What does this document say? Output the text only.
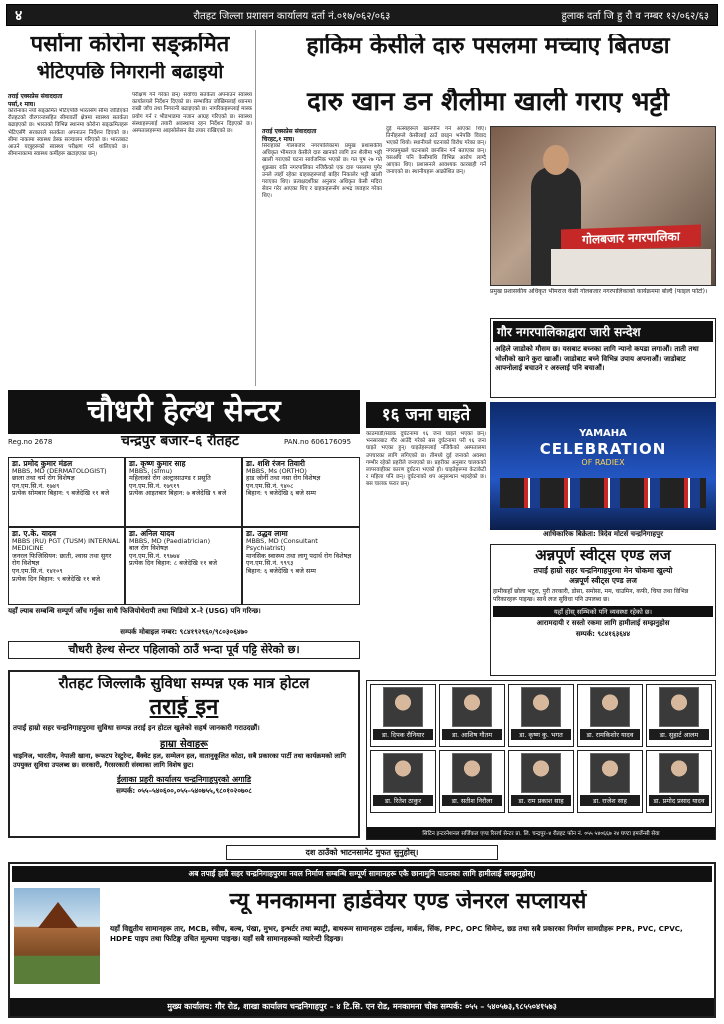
४	रौतहट जिल्ला प्रशासन कार्यालय दर्ता नं.०१७/०६२/०६३	हुलाक दर्ता जि हु रौ व नम्बर १२/०६२/६३
पर्साना कोरोना सङ्क्रमित
भेटिएपछि निगरानी बढाइयो
तराई एक्सप्रेस संवाददाता
पर्सा,१ माघ।
कोरोनाका नयाँ सङ्क्रमित भेटिएपछि भारतसँग सीमा जोडिएको रौतहटको वीरगञ्जसहित सीमावर्ती क्षेत्रमा स्वास्थ्य सतर्कता बढाइएको छ। भारतको विभिन्न स्थानमा कोरोना सङ्क्रमितहरू भेटिएसँगै सरकारले सतर्कता अपनाउन निर्देशन दिएको छ। सीमा नाकामा स्वास्थ्य डेस्क सञ्चालन गरिएको छ। भारतबाट आउने यात्रुहरूको स्वास्थ्य परीक्षण गर्न थालिएको छ। सीमानाकामा स्वास्थ्य कर्मीहरू खटाइएका छन्।
परीक्षण गर्ने गरेका छन्। सर्वोच्च सतर्कता अपनाउन स्वास्थ्य कार्यालयले निर्देशन दिएको छ। सम्भावित जोखिमलाई ध्यानमा राखी जाँच तथा निगरानी बढाइएको छ। नागरिकहरूलाई मास्क प्रयोग गर्न र भीडभाडमा नजान आग्रह गरिएको छ। स्वास्थ्य संस्थाहरूलाई तयारी अवस्थामा रहन निर्देशन दिइएको छ। अस्पतालहरूमा आइसोलेसन बेड तयार राखिएको छ।
हाकिम केसीले दारु पसलमा मच्चाए बितण्डा
दारु खान डन शैलीमा खाली गराए भट्टी
तराई एक्सप्रेस संवाददाता
चिरहट,१ माघ।
सिराहाको गोलबजार नगरपालिकामा प्रमुख प्रशासकीय अधिकृत भीमराज केसीले दारु खानको लागि डन शैलीमा भट्टी खाली गराएको घटना सार्वजनिक भएको छ। गत पुष २७ गते शुक्रबार राति नगरपालिका नजिकैको एक दारु पसलमा पुगेर उनले त्यहाँ रहेका ग्राहकहरूलाई बाहिर निकालेर भट्टी खाली गराएका थिए। प्रत्यक्षदर्शीका अनुसार अधिकृत केसी मदिरा सेवन गरेर आएका थिए र ग्राहकहरूसँग अभद्र व्यवहार गरेका थिए।
दुई मत्स्यहरूले खानपीन गर्न आएका थिए। तिनीहरूले केसीलाई ठाउँ छाड्न भनेपछि विवाद भएको थियो। स्थानीयले घटनाको विरोध गरेका छन्। नगरप्रमुखले घटनाबारे छानबिन गर्ने बताएका छन्। यसअघि पनि केसीमाथि विभिन्न आरोप लाग्दै आएका थिए। प्रशासनले आवश्यक कारबाही गर्ने जनाएको छ। स्थानीयहरू आक्रोशित छन्।
गोलबजार नगरपालिका
प्रमुख प्रशासकीय अधिकृत भीमराज केसी गोलबजार नगरपालिकाको कार्यक्रममा बोल्दै (फाइल फोटो)।
गौर नगरपालिकाद्वारा जारी सन्देश
अहिले जाडोको मौसम छ। यसबाट बच्नका लागि न्यानो कपडा लगाऔं। ताती तथा भोलीको खाने कुरा खाऔं। जाडोबाट बच्ने विभिन्न उपाय अपनाऔं। जाडोबाट आफ्नोलाई बचाउने र अरुलाई पनि बचाऔं।
चौधरी हेल्थ सेन्टर
Reg.no 2678	चन्द्रपुर बजार–६ रौतहट	PAN.no 606176095
डा. प्रमोद कुमार मंडल
MBBS, MD (DERMATOLOGIST)
छाला तथा चर्म रोग विशेषज्ञ
एन.एम.सि.नं. १७४९
प्रत्येक सोमबार बिहान: ९ बजेदेखि ११ बजे
डा. कृष्ण कुमार साह
MBBS, (sfmu)
महिलाको रोग अल्ट्रासाउण्ड र प्रसूति
एन.एम.सि.नं. १७९१९
प्रत्येक आइतबार बिहान: ७ बजेदेखि ९ बजे
डा. शशि रंजन तिवारी
MBBS, Ms (ORTHO)
हाड जोर्नी तथा नसा रोग विशेषज्ञ
एन.एम.सि.नं. ९४०८
बिहान: ९ बजेदेखि ६ बजे सम्म
डा. ए.के. यादव
MBBS (RU) PGT (TUSM) INTERNAL MEDICINE
जनरल फिजिसियन: छाती, श्वास तथा सुगर रोग विशेषज्ञ
एन.एम.सि.नं. १४१०९
प्रत्येक दिन बिहान: ९ बजेदेखि ११ बजे
डा. अनिल यादव
MBBS, MD (Paediatrician)
बाल रोग विशेषज्ञ
एन.एम.सि.नं. १९७७४
प्रत्येक दिन बिहान: ८ बजेदेखि ११ बजे
डा. उद्धव लामा
MBBS, MD (Consultant Psychiatrist)
मानसिक स्वास्थ्य तथा लागू पदार्थ रोग विशेषज्ञ
एन.एम.सि.नं. ९९९३
बिहान: ६ बजेदेखि ९ बजे सम्म
यहाँ ल्याब सम्बन्धि सम्पूर्ण जाँच गर्नुका साथै फिजियोथेरापी तथा भिडियो X–रे (USG) पनि गरिन्छ।
सम्पर्क मोबाइल नम्बर: ९८४१९२९६०/९८०३०६४७०
चौधरी हेल्थ सेन्टर पहिलाको ठाउँ भन्दा पूर्व पट्टि सेरेको छ।
१६ जना घाइते
काठमाडौं/सडक दुर्घटनामा १६ जना घाइते भएका छन्। भनसारबाट गौर आउँदै गरेको बस दुर्घटनामा परी १६ जना घाइते भएका हुन्। घाइतेहरूलाई नजिकैको अस्पतालमा उपचारका लागि लगिएको छ। तीमध्ये दुई जनाको अवस्था गम्भीर रहेको प्रहरीले जनाएको छ। प्रहरीका अनुसार चालकको लापरवाहीका कारण दुर्घटना भएको हो। घाइतेहरूमा केटाकेटी र महिला पनि छन्। दुर्घटनाको थप अनुसन्धान भइरहेको छ। बस चालक फरार छन्।
YAMAHA
CELEBRATION
OF RADIEX
आधिकारिक बिक्रेता: त्रिदेव मोटर्स चन्द्रनिगाहपुर
अन्नपूर्ण स्वीट्स एण्ड लज
तपाईं हाम्रो सहर चन्द्रनिगाहपुरमा मेन चोकमा खुल्यो
अन्नपूर्ण स्वीट्स एण्ड लज
हामीकहाँ छोला भटुरा, पुरी तरकारी, डोसा, समोसा, मम, चाउमिन, कफी, चिया तथा विभिन्न परिकारहरू पाइन्छ। साथै लज सुविधा पनि उपलब्ध छ।
यहाँ होस् सम्भिको पनि व्यवस्था रहेको छ।
आरामदायी र सस्तो रकमा लागि हामीलाई सम्झनुहोस
सम्पर्क: ९८४१६३६४४
रौतहट जिल्लाकै सुविधा सम्पन्न एक मात्र होटल
तराई इन
तपाईं हाम्रो सहर चन्द्रनिगाहपुरमा सुविधा सम्पन्न तराई इन होटल खुलेको सहर्ष जानकारी गराउदछौं।
हाम्रा सेवाहरू
चाइनिज, भारतीय, नेपाली खाना, रूफटप रेस्टुरेन्ट, बैंक्वेट हल, सम्मेलन हल, वातानुकूलित कोठा, सबै प्रकारका पार्टी तथा कार्यक्रमको लागि उपयुक्त सुविधा उपलब्ध छ। सरकारी, गैरसरकारी संस्थाका लागि विशेष छुट।
ईलाका प्रहरी कार्यालय चन्द्रनिगाहपुरको अगाडि
सम्पर्क: ०५५–५४०६००,०५५–५४०७५५,९८०१०२०७०८
डा. दिपक रौनियार	डा. आशिष गौतम	डा. कृष्ण कु. भगत	डा. रामकिशोर यादव	डा. सुहार्ट आलम
डा. रितेश ठाकुर	डा. सतीश निरौला	डा. राम प्रकाश साह	डा. राजेश साह	डा. प्रमोद प्रसाद यादव
सिटिन इन्टरनेशनल सर्जिकल एण्ड रिसर्च सेन्टर प्रा. लि. चन्द्रपुर–४ रौतहट फोन नं. ०५५ ५४०६६७ २४ घण्टा इमर्जेन्सी सेवा
दश ठाउँको भाटनसामेट मुफत सुनुहोस्।
अब तपाईं हाम्रै सहर चन्द्रनिगाहपुरमा नवल निर्माण सम्बन्धि सम्पूर्ण सामानहरू एकै छानामुनि पाउनका लागि हामीलाई सम्झनुहोस्।
न्यू मनकामना हार्डवेयर एण्ड जेनरल सप्लायर्स
यहाँ विद्युतीय सामानहरू तार, MCB, स्वीच, बल्ब, पंखा, मुभर, इन्भर्टर तथा ब्याट्री, बाथरूम सामानहरू टाईल्स, मार्बल, सिंक, PPC, OPC सिमेन्ट, छड तथा सबै प्रकारका निर्माण सामग्रीहरू PPR, PVC, CPVC, HDPE पाइप तथा फिटिङ्ग उचित मूल्यमा पाइन्छ। यहाँ सबै सामानहरूको ग्यारेन्टी दिइन्छ।
मुख्य कार्यालय: गौर रोड, शाखा कार्यालय चन्द्रनिगाहपुर – ४ टि.सि. एन रोड, मनकामना चोक सम्पर्क: ०५५ – ५४०५७३,९८५५०४१५७३
